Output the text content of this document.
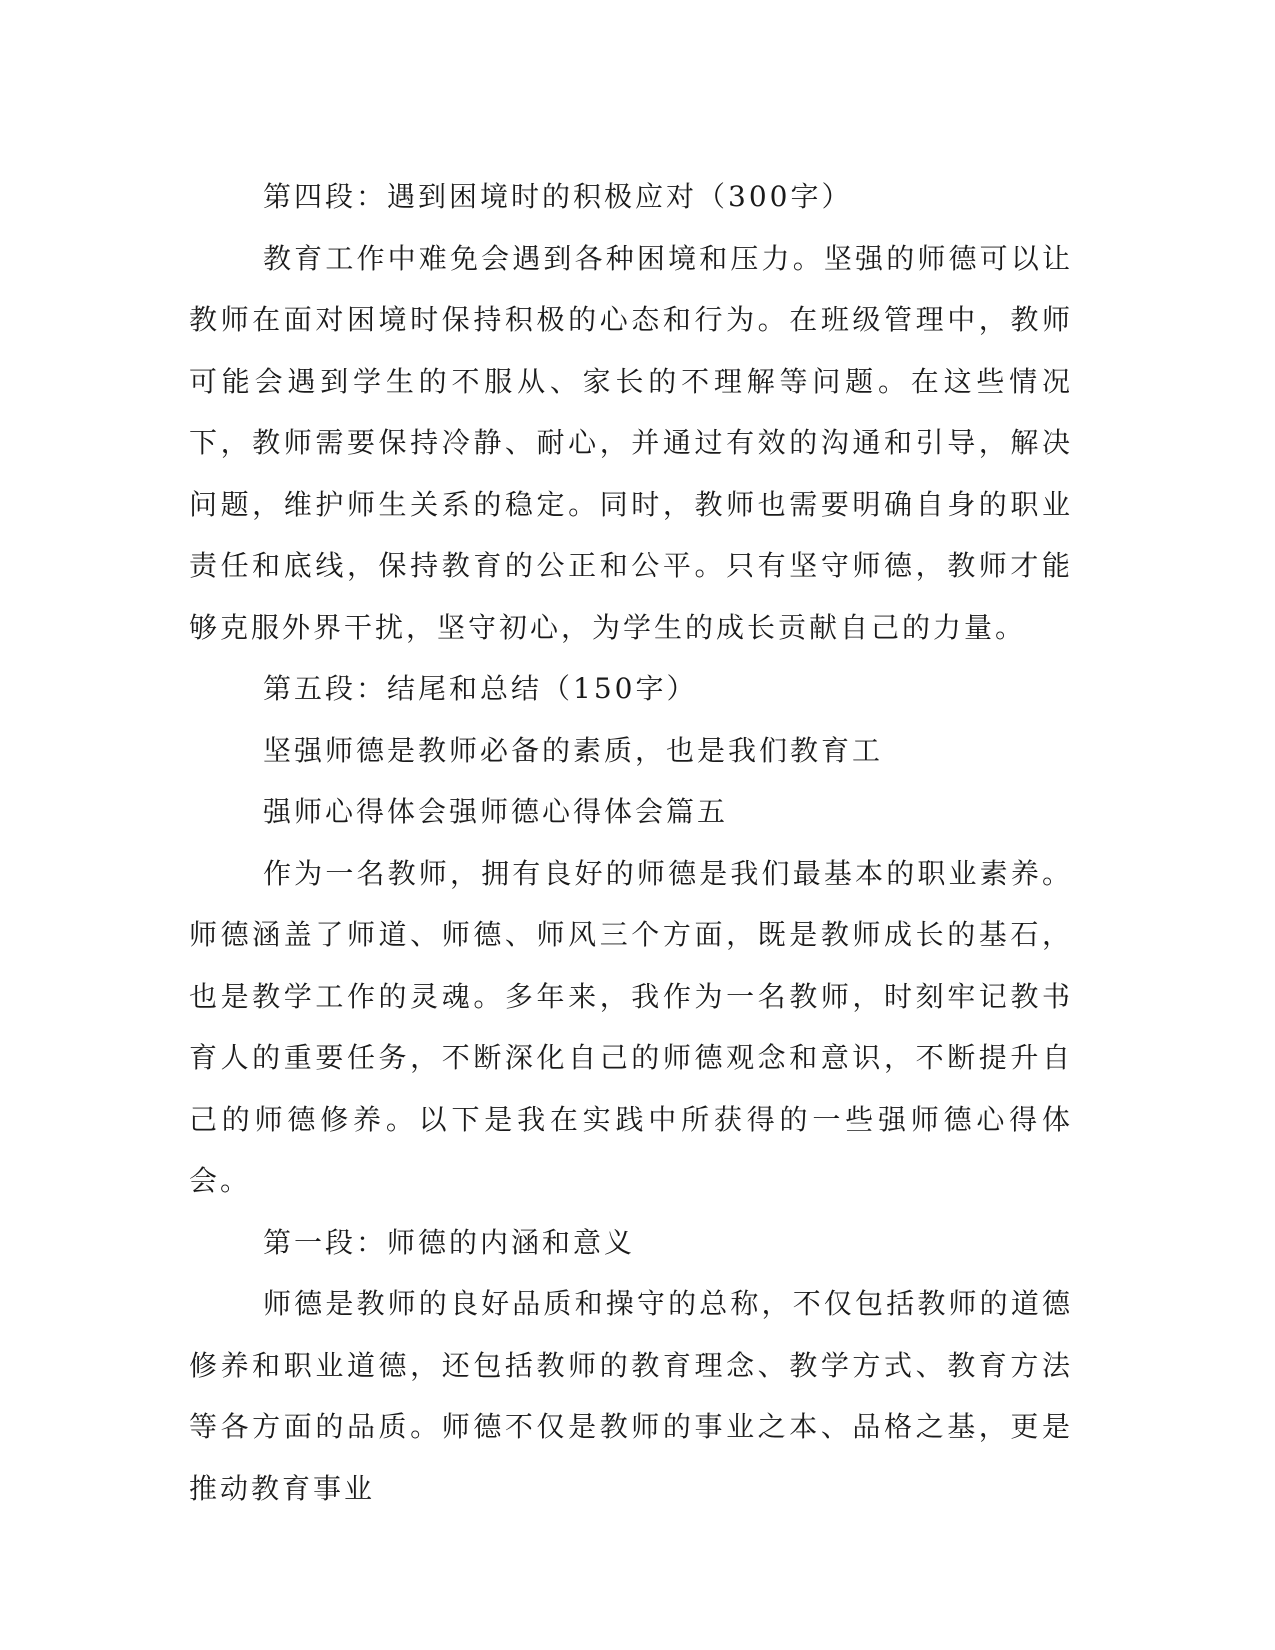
第四段：遇到困境时的积极应对（300字）

教育工作中难免会遇到各种困境和压力。坚强的师德可以让教师在面对困境时保持积极的心态和行为。在班级管理中，教师可能会遇到学生的不服从、家长的不理解等问题。在这些情况下，教师需要保持冷静、耐心，并通过有效的沟通和引导，解决问题，维护师生关系的稳定。同时，教师也需要明确自身的职业责任和底线，保持教育的公正和公平。只有坚守师德，教师才能够克服外界干扰，坚守初心，为学生的成长贡献自己的力量。

第五段：结尾和总结（150字）

坚强师德是教师必备的素质，也是我们教育工

强师心得体会强师德心得体会篇五

作为一名教师，拥有良好的师德是我们最基本的职业素养。师德涵盖了师道、师德、师风三个方面，既是教师成长的基石，也是教学工作的灵魂。多年来，我作为一名教师，时刻牢记教书育人的重要任务，不断深化自己的师德观念和意识，不断提升自己的师德修养。以下是我在实践中所获得的一些强师德心得体会。

第一段：师德的内涵和意义

师德是教师的良好品质和操守的总称，不仅包括教师的道德修养和职业道德，还包括教师的教育理念、教学方式、教育方法等各方面的品质。师德不仅是教师的事业之本、品格之基，更是推动教育事业
